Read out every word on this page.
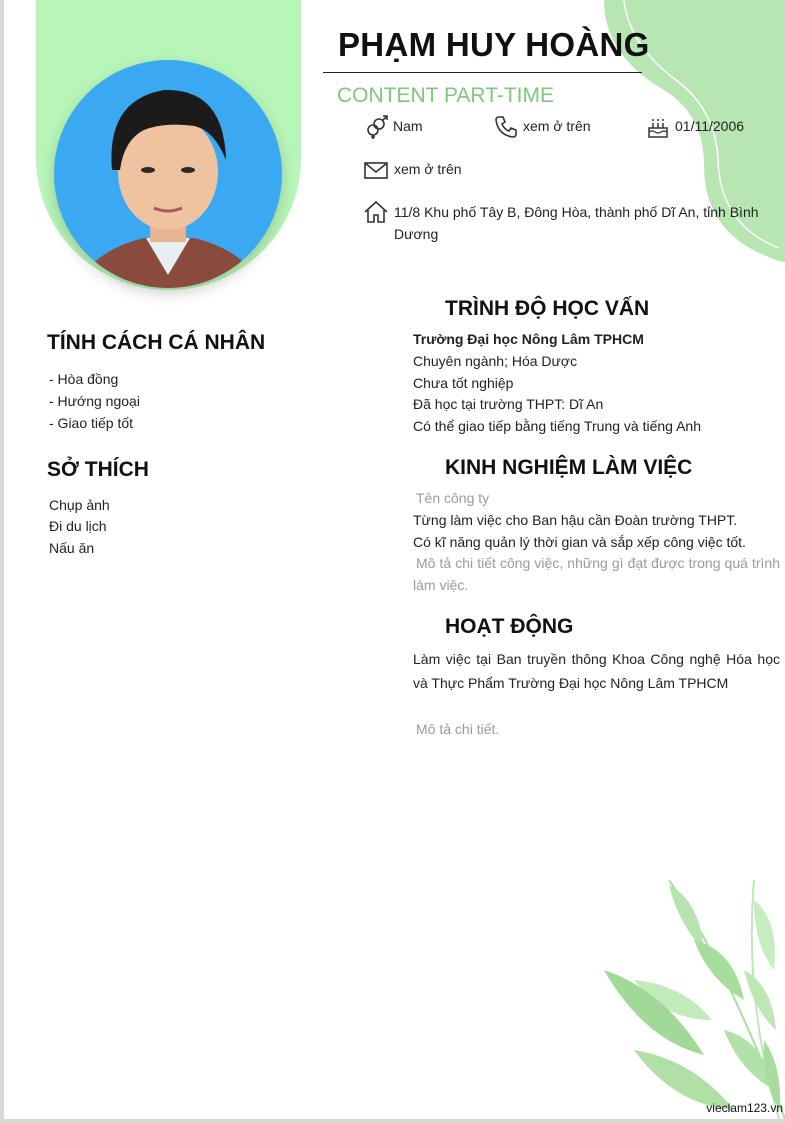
PHẠM HUY HOÀNG
CONTENT PART-TIME
Nam	xem ở trên	01/11/2006
xem ở trên
11/8 Khu phố Tây B, Đông Hòa, thành phố Dĩ An, tỉnh Bình Dương
TÍNH CÁCH CÁ NHÂN
- Hòa đồng
- Hướng ngoại
- Giao tiếp tốt
SỞ THÍCH
Chụp ảnh
Đi du lịch
Nấu ăn
TRÌNH ĐỘ HỌC VẤN
Trường Đại học Nông Lâm TPHCM
Chuyên ngành; Hóa Dược
Chưa tốt nghiệp
Đã học tại trường THPT: Dĩ An
Có thể giao tiếp bằng tiếng Trung và tiếng Anh
KINH NGHIỆM LÀM VIỆC
Tên công ty
Từng làm việc cho Ban hậu cần Đoàn trường THPT.
Có kĩ năng quản lý thời gian và sắp xếp công việc tốt.
Mô tả chi tiết công việc, những gì đạt được trong quá trình làm việc.
HOẠT ĐỘNG
Làm việc tại Ban truyền thông Khoa Công nghệ Hóa học và Thực Phẩm Trường Đại học Nông Lâm TPHCM
Mô tả chi tiết.
vieclam123.vn
